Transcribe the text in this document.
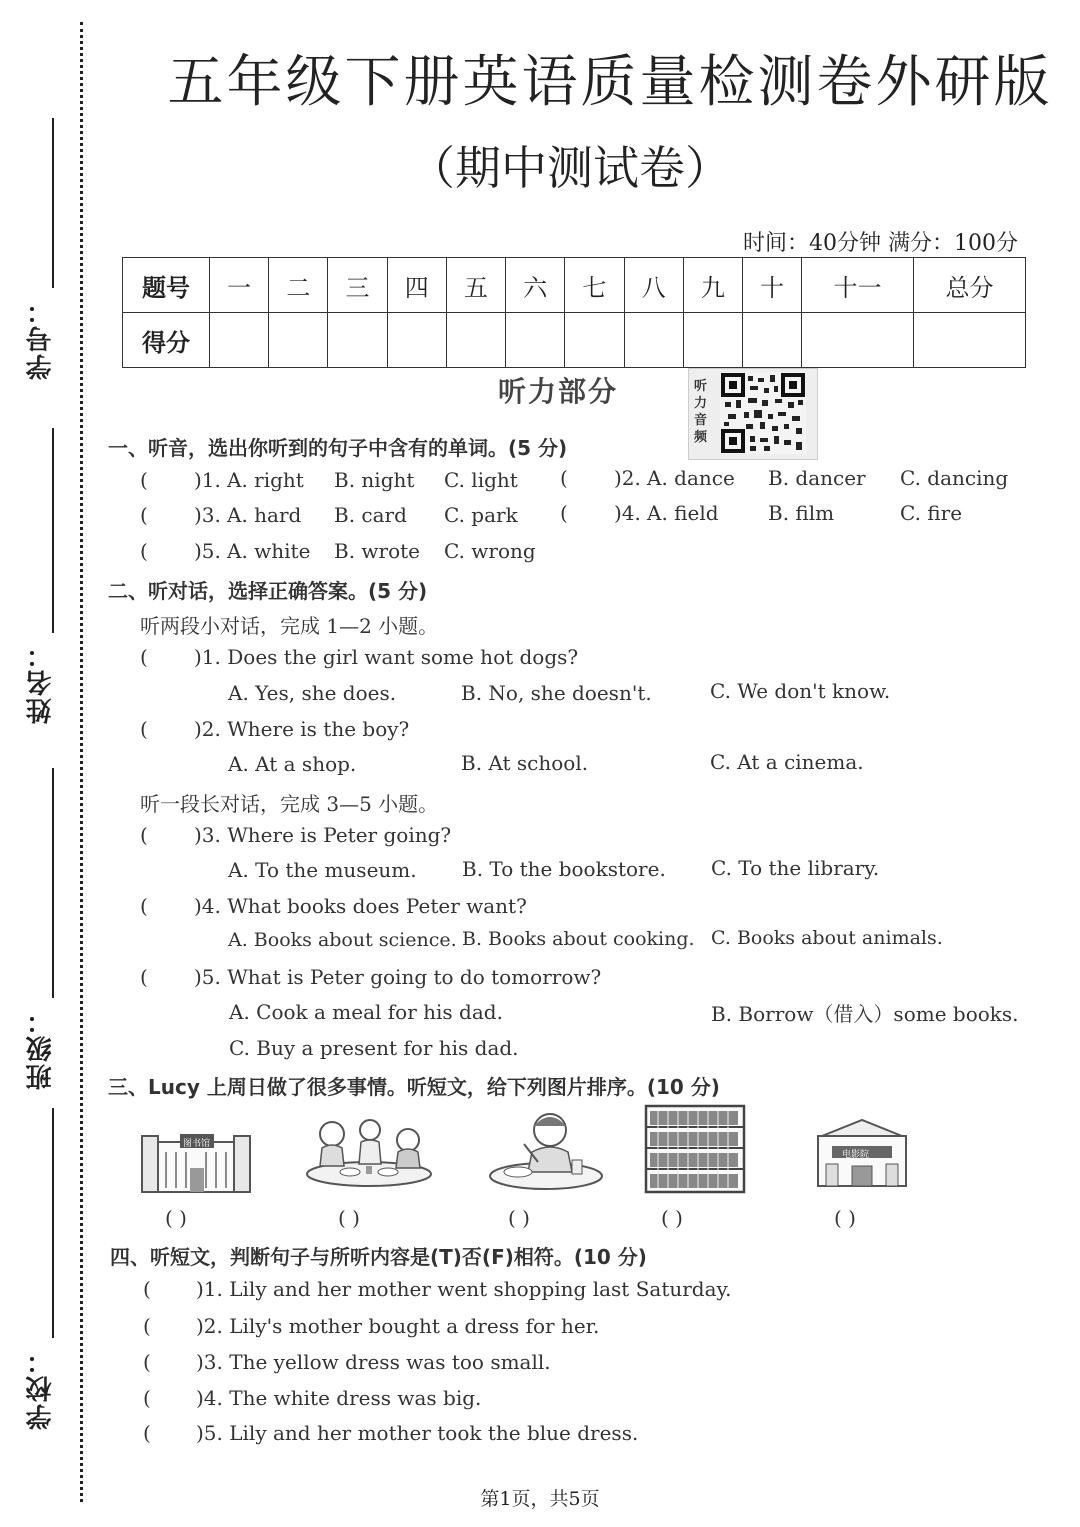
学号：
姓名：
班级：
学校：
五年级下册英语质量检测卷外研版
（期中测试卷）
时间：40分钟 满分：100分
题号	一	二	三	四	五	六	七	八	九	十	十一	总分
得分												
听力部分	听力音频
一、听音，选出你听到的句子中含有的单词。(5 分)
( )1. A. right B. night C. light ( )2. A. dance B. dancer C. dancing
( )3. A. hard B. card C. park ( )4. A. field B. film	C. fire
( )5. A. white B. wrote C. wrong
二、听对话，选择正确答案。(5 分)
听两段小对话，完成 1—2 小题。
( )1. Does the girl want some hot dogs?
A. Yes, she does.	B. No, she doesn't.	C. We don't know.
( )2. Where is the boy?
A. At a shop.	B. At school.	C. At a cinema.
听一段长对话，完成 3—5 小题。
( )3. Where is Peter going?
A. To the museum. B. To the bookstore. C. To the library.
( )4. What books does Peter want?
A. Books about science. B. Books about cooking. C. Books about animals.
( )5. What is Peter going to do tomorrow?
A. Cook a meal for his dad.	B. Borrow（借入）some books.
C. Buy a present for his dad.
三、Lucy 上周日做了很多事情。听短文，给下列图片排序。(10 分)
图书馆
( )	( )	( )	( )
电影院
( )
四、听短文，判断句子与所听内容是(T)否(F)相符。(10 分)
( )1. Lily and her mother went shopping last Saturday.
( )2. Lily's mother bought a dress for her.
( )3. The yellow dress was too small.
( )4. The white dress was big.
( )5. Lily and her mother took the blue dress.
第1页，共5页
